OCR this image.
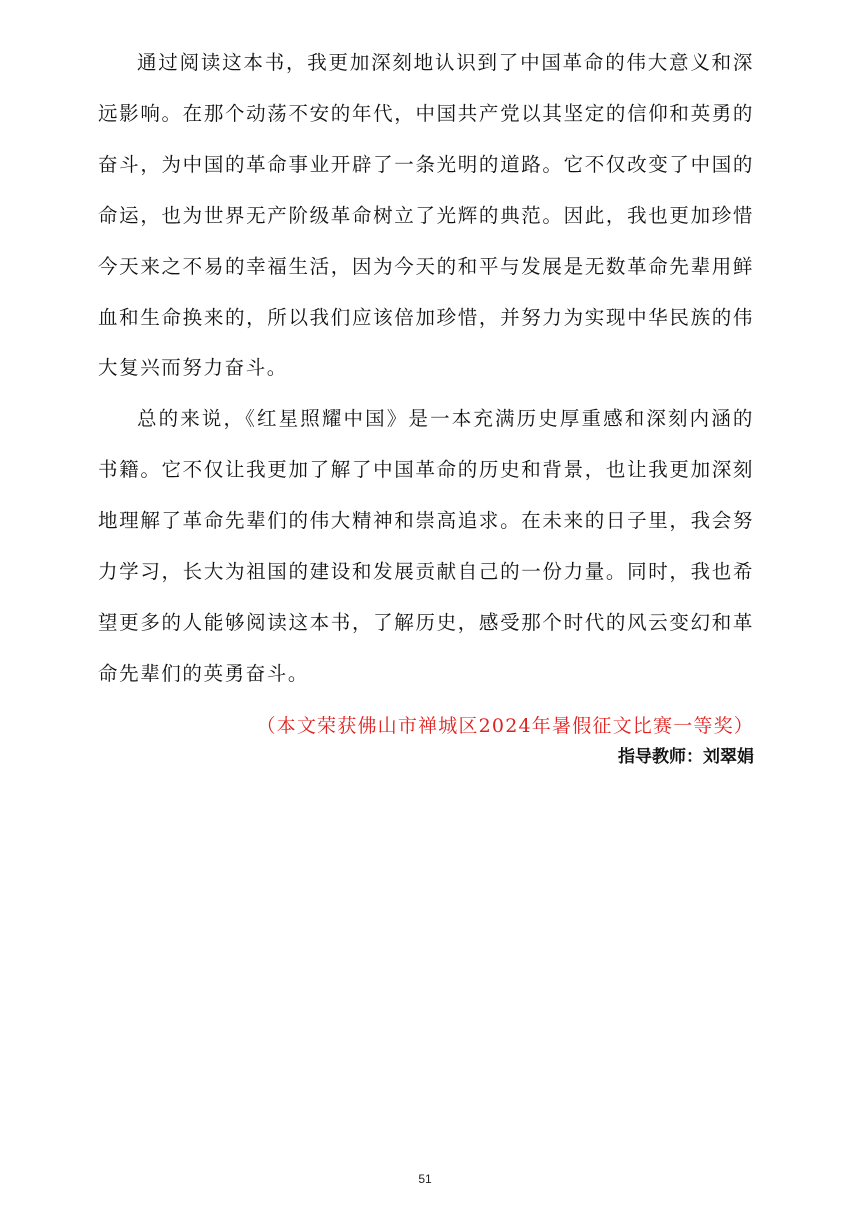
通过阅读这本书，我更加深刻地认识到了中国革命的伟大意义和深远影响。在那个动荡不安的年代，中国共产党以其坚定的信仰和英勇的奋斗，为中国的革命事业开辟了一条光明的道路。它不仅改变了中国的命运，也为世界无产阶级革命树立了光辉的典范。因此，我也更加珍惜今天来之不易的幸福生活，因为今天的和平与发展是无数革命先辈用鲜血和生命换来的，所以我们应该倍加珍惜，并努力为实现中华民族的伟大复兴而努力奋斗。

总的来说，《红星照耀中国》是一本充满历史厚重感和深刻内涵的书籍。它不仅让我更加了解了中国革命的历史和背景，也让我更加深刻地理解了革命先辈们的伟大精神和崇高追求。在未来的日子里，我会努力学习，长大为祖国的建设和发展贡献自己的一份力量。同时，我也希望更多的人能够阅读这本书，了解历史，感受那个时代的风云变幻和革命先辈们的英勇奋斗。

（本文荣获佛山市禅城区2024年暑假征文比赛一等奖）

指导教师：刘翠娟

51
